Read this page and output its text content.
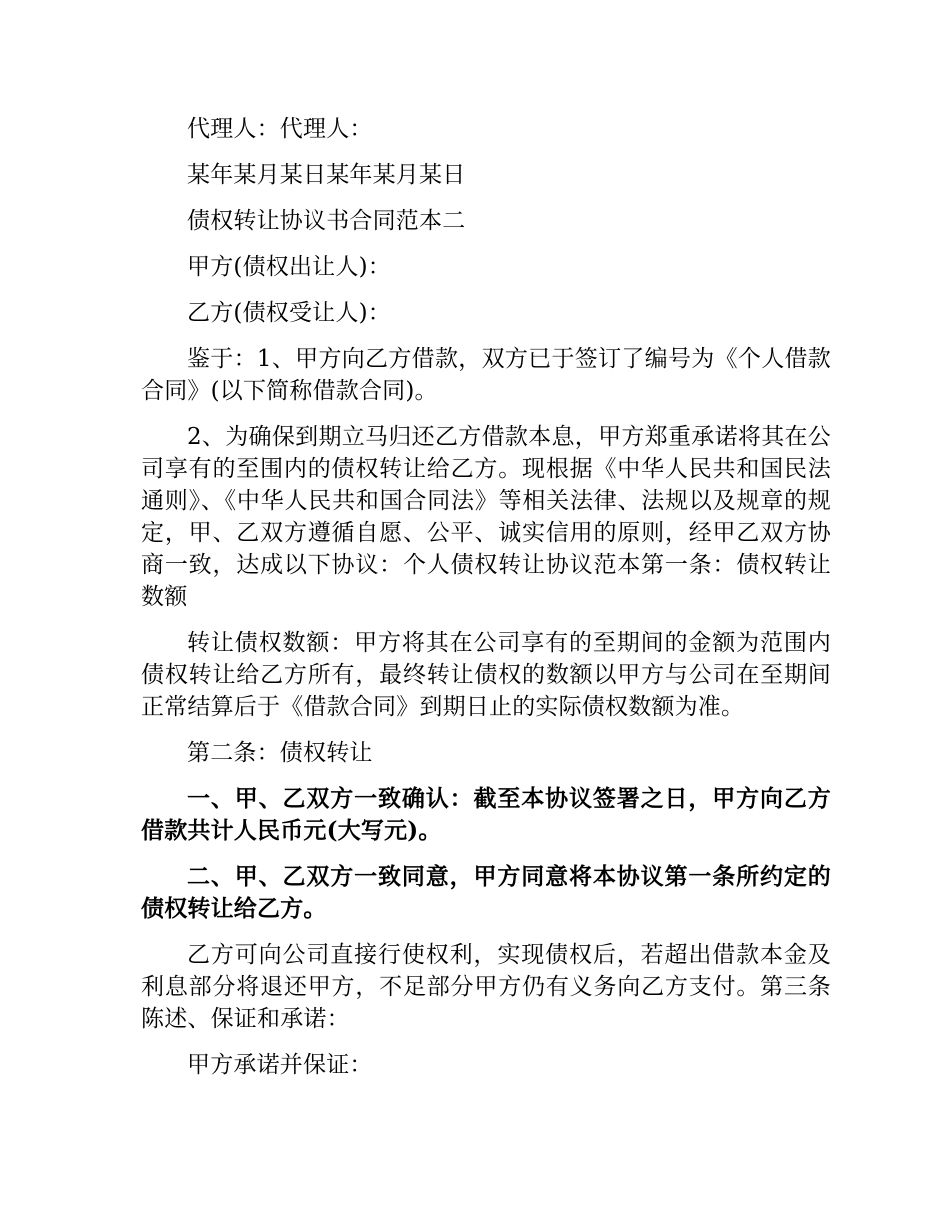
代理人：代理人：

某年某月某日某年某月某日

债权转让协议书合同范本二

甲方(债权出让人)：

乙方(债权受让人)：

鉴于：1、甲方向乙方借款，双方已于签订了编号为《个人借款合同》(以下简称借款合同)。

2、为确保到期立马归还乙方借款本息，甲方郑重承诺将其在公司享有的至围内的债权转让给乙方。现根据《中华人民共和国民法通则》、《中华人民共和国合同法》等相关法律、法规以及规章的规定，甲、乙双方遵循自愿、公平、诚实信用的原则，经甲乙双方协商一致，达成以下协议：个人债权转让协议范本第一条：债权转让数额

转让债权数额：甲方将其在公司享有的至期间的金额为范围内债权转让给乙方所有，最终转让债权的数额以甲方与公司在至期间正常结算后于《借款合同》到期日止的实际债权数额为准。

第二条：债权转让

一、甲、乙双方一致确认：截至本协议签署之日，甲方向乙方借款共计人民币元(大写元)。

二、甲、乙双方一致同意，甲方同意将本协议第一条所约定的债权转让给乙方。

乙方可向公司直接行使权利，实现债权后，若超出借款本金及利息部分将退还甲方，不足部分甲方仍有义务向乙方支付。第三条陈述、保证和承诺：

甲方承诺并保证：
